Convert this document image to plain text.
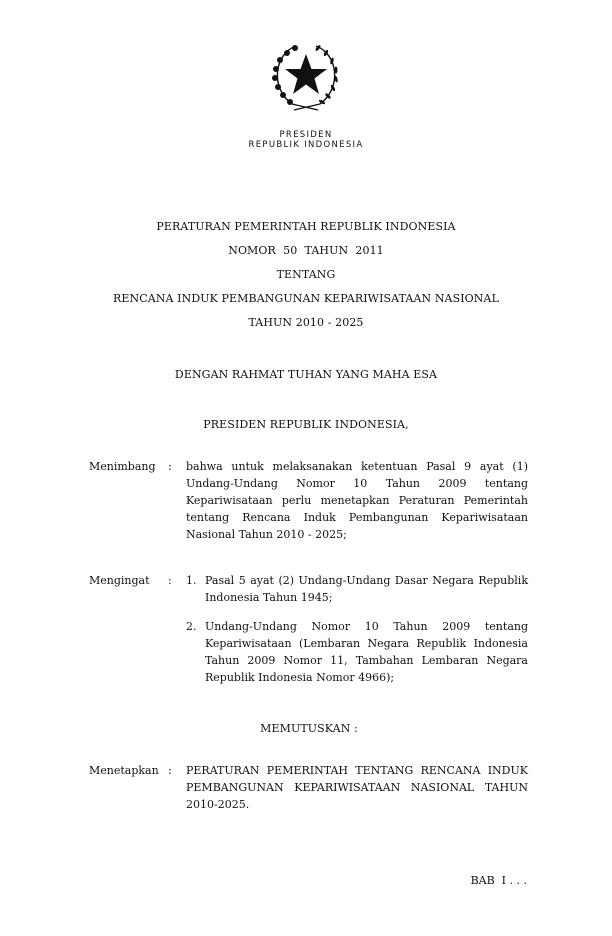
PRESIDEN
REPUBLIK INDONESIA
PERATURAN PEMERINTAH REPUBLIK INDONESIA
NOMOR  50  TAHUN  2011
TENTANG
RENCANA INDUK PEMBANGUNAN KEPARIWISATAAN NASIONAL
TAHUN 2010 - 2025
DENGAN RAHMAT TUHAN YANG MAHA ESA
PRESIDEN REPUBLIK INDONESIA,
Menimbang : bahwa untuk melaksanakan ketentuan Pasal 9 ayat (1) Undang-Undang Nomor 10 Tahun 2009 tentang Kepariwisataan perlu menetapkan Peraturan Pemerintah tentang Rencana Induk Pembangunan Kepariwisataan Nasional Tahun 2010 - 2025;
Mengingat : 1. Pasal 5 ayat (2) Undang-Undang Dasar Negara Republik Indonesia Tahun 1945;
2. Undang-Undang Nomor 10 Tahun 2009 tentang Kepariwisataan (Lembaran Negara Republik Indonesia Tahun 2009 Nomor 11, Tambahan Lembaran Negara Republik Indonesia Nomor 4966);
MEMUTUSKAN :
Menetapkan : PERATURAN PEMERINTAH TENTANG RENCANA INDUK PEMBANGUNAN KEPARIWISATAAN NASIONAL TAHUN 2010-2025.
BAB  I . . .
